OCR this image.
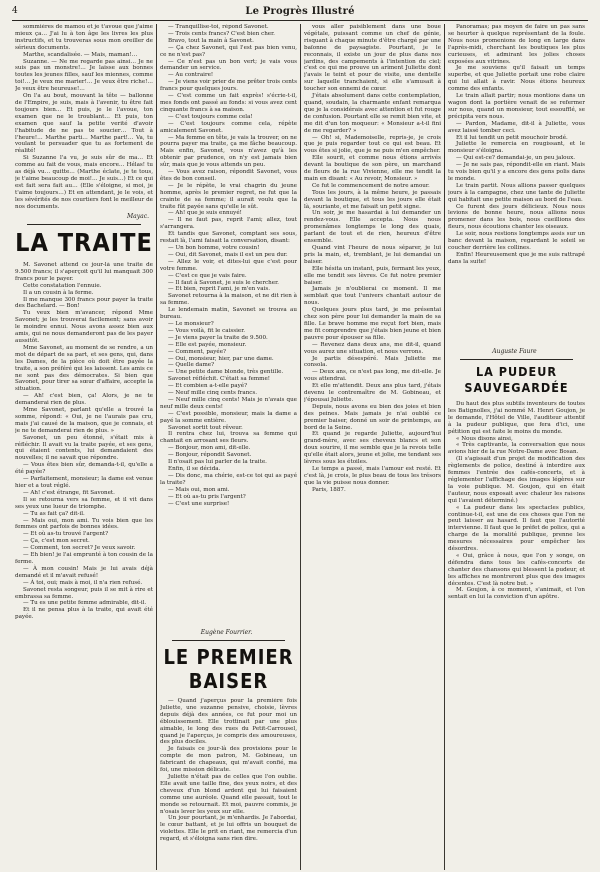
4	Le Progrès Illustré

sommières de mamou et je t'avoue que j'aime mieux ça… J'ai lu à ton âge les livres les plus instructifs, et tu trouveras sous mon oreiller de sérieux documents.

Marthe, scandalisée. — Mais, maman!…

Suzanne. — Ne me regarde pas ainsi… Je ne suis pas un monstre!… Je laisse aux bonnes toutes les jeunes filles, sauf les miennes, comme toi!… Je veux me marier!… Je veux être riche!… Je veux être heureuse!…

On l'a au bout, mouvant la tête — ballonne de l'Empire, je suis, mais à l'avenir, tu être fait toujours bien… Et puis, je le l'avoue, ton examen que ne le troublant… Et puis, ton examen que sauf la petite verité d'avoir l'habitude de ne pas te soucier… Tout à l'heure!… Marthe parti… Marthe part!… Va, tu voulant te persuader que tu as fortement de réalité!

Si Suzanne l'a vu, je suis sûr de ma… Et comme au fait de vous, mais encore… Hélas! tu as déjà vu… quitte… (Marthe éclate, je te tous, je t'aime beaucoup de moi!… Je suis…) Et ce qui est fait sera fait au… (Elle s'éloigne, si moi, je t'aime toujours…) Et en attendant, je le vois, et les sévérités de nos courtiers font le meilleur de nos documents.

Mayac.
LA TRAITE

M. Savonet attend ce jour-là une traite de 9.500 francs; il s'aperçoit qu'il lui manquait 300 francs pour le payer.

Cette constatation l'ennuie.

Il a un cousin à la ferme.

Il me manque 300 francs pour payer la traite des Bachelard. — Bon!

Tu veux bien m'avancer, répond Mme Savonet; je les trouverai facilement; sans avoir le moindre ennui. Nous avons assez bien aux amis, qui ne nous demanderont pas de les payer aussitôt.

Mme Savonet, au moment de se rendre, a un mot de départ de sa part, et ses gens, qui, dans les Dames, de la pièce où doit être payée la traite, a son préféré qui les laissent. Les amis ce ne sont pas des démocrates. Si bien que Savonet, pour tirer sa sœur d'affaire, accepte la situation.

— Ah! c'est bien, ça! Alors, je ne te demanderai rien de plus.

Mme Savonet, parlant qu'elle a trouvé la somme, répond: « Oui, je ne l'aurais pas cru, mais j'ai causé de la maison, que je connais, et je ne te demanderai rien de plus. »

Savonet, un peu étonné, s'était mis à réfléchir. Il avait vu la traite payée, et ses gens, qui étaient contents, lui demandaient des nouvelles; il ne savait que répondre.

— Vous êtes bien sûr, demanda-t-il, qu'elle a été payée?

— Parfaitement, monsieur; la dame est venue hier et a tout réglé.

— Ah! c'est étrange, fit Savonet.

Il se retourna vers sa femme, et il vit dans ses yeux une lueur de triomphe.

— Tu as fait ça? dit-il.

— Mais oui, mon ami. Tu vois bien que les femmes ont parfois de bonnes idées.

— Et où as-tu trouvé l'argent?

— Ça, c'est mon secret.

— Comment, ton secret? Je veux savoir.

— Eh bien! je l'ai emprunté à ton cousin de la ferme.

— À mon cousin! Mais je lui avais déjà demandé et il m'avait refusé!

— À toi, oui; mais à moi, il n'a rien refusé.

Savonet resta songeur, puis il se mit à rire et embrassa sa femme.

— Tu es une petite femme admirable, dit-il.

Et il ne pensa plus à la traite, qui avait été payée.

— Tranquillise-toi, répond Savonet.

— Trois cents francs? C'est bien cher.

Bravo, tout la main à Savonet.

— Ça chez Savonet, qui l'est pas bien venu, ce ne n'est pas?

— Ce n'est pas un bon vert; je vais vous demander un service.

— Au contraire!

— Je viens voir prier de me prêter trois cents francs pour quelques jours.

— C'est comme un fait exprès! s'écrie-t-il, mes fonds ont passé au fonds: si vous avez cent cinquante francs à sa maison.

— C'est toujours comme cela!

— C'est toujours comme cela, répète amicalement Savonet.

— Ma femme en tête, je vais la trouver, on ne pourra payer ma traite, ça me fâche beaucoup. Mais enfin, Savonet, vous n'avez qu'à les obtenir par prudence, on n'y est jamais bien sûr, mais que je vous attends un peu.

— Vous avez raison, répondit Savonet, vous êtes de bon conseil.

— Je le répète, le vrai chagrin du jeune homme, après le premier regret, ne fut que la crainte de sa femme; il aurait voulu que la traite fût payée sans qu'elle le sût.

— Ah! que je suis ennuyé!

— Il ne faut pas, reprit l'ami; allez, tout s'arrangera.

Et tandis que Savonet, comptant ses sous, restait là, l'ami faisait la conversation, disant:

— Un bon homme, votre cousin!

— Oui, dit Savonet, mais il est un peu dur.

— Allez le voir, et dites-lui que c'est pour votre femme.

— C'est ce que je vais faire.

— Il faut à Savonet, je suis le chercher.

— Et bien, reprit l'ami, je m'en vais.

Savonet retourna à la maison, et ne dit rien à sa femme.

Le lendemain matin, Savonet se trouva au bureau.

— Le monsieur?

— Vous voilà, fit le caissier.

— Je viens payer la traite de 9.500.

— Elle est payée, monsieur.

— Comment, payée?

— Oui, monsieur, hier, par une dame.

— Quelle dame?

— Une petite dame blonde, très gentille.

Savonet réfléchit. C'était sa femme!

— Et combien a-t-elle payé?

— Neuf mille cinq cents francs.

— Neuf mille cinq cents! Mais je n'avais que neuf mille deux cents!

— C'est possible, monsieur, mais la dame a payé la somme entière.

Savonet sortit tout rêveur.

Il rentra chez lui, trouva sa femme qui chantait en arrosant ses fleurs.

— Bonjour, mon ami, dit-elle.

— Bonjour, répondit Savonet.

Il n'osait pas lui parler de la traite.

Enfin, il se décida.

— Dis donc, ma chérie, est-ce toi qui as payé la traite?

— Mais oui, mon ami.

— Et où as-tu pris l'argent?

— C'est une surprise!

Eugène Fourrier.
LE PREMIER BAISER

— Quand j'aperçus pour la première fois Juliette, une suzanne pensive, choisie, lèvres depuis déjà des années, ce fut pour moi un éblouissement. Elle trottinait par une plus aimable, le long des rues du Petit-Carrousel, quand je l'aperçus, je compris des amoureuses, des plus dociles.

Je faisais ce jour-là des provisions pour le compte de mon patron, M. Gobineau, un fabricant de chapeaux, qui m'avait confié, ma foi, une mission délicate.

Juliette n'était pas de celles que l'on oublie. Elle avait une taille fine, des yeux noirs, et des cheveux d'un blond ardent qui lui faisaient comme une auréole. Quand elle passait, tout le monde se retournait. Et moi, pauvre commis, je n'osais lever les yeux sur elle.

Un jour pourtant, je m'enhardis. Je l'abordai, le cœur battant, et je lui offris un bouquet de violettes. Elle le prit en riant, me remercia d'un regard, et s'éloigna sans rien dire.

vous aller paisiblement dans une boue végétale, puissant comme un chef de génie, risquant à chaque minute d'être chargé par une baïonne de paysagiste. Pourtant, je le reconnais, il existe un jour de plus dans nos jardins, des campements à l'intention du ciel; c'est ce qui me prouve un ariment Juliette dont j'avais le teint et pour de visite, une dentelle sur laquelle tranchaient, si elle s'amusait à toucher son ennemi de cœur.

J'étais absolument dans cette contemplation, quand, soudain, la charmante enfant remarqua que je la considérais avec attention et fut rouge de confusion. Pourtant elle se remit bien vite, et me dit d'un ton moqueur: « Monsieur a-t-il fini de me regarder? »

— Oh! si, Mademoiselle, repris-je, je crois que je puis regarder tout ce qui est beau. Et vous êtes si jolie, que je ne puis m'en empêcher.

Elle sourit, et comme nous étions arrivés devant la boutique de son père, un marchand de fleurs de la rue Vivienne, elle me tendit la main en disant: « Au revoir, Monsieur. »

Ce fut le commencement de notre amour.

Tous les jours, à la même heure, je passais devant la boutique, et tous les jours elle était là, souriante, et me faisait un petit signe.

Un soir, je me hasardai à lui demander un rendez-vous. Elle accepta. Nous nous promenâmes longtemps le long des quais, parlant de tout et de rien, heureux d'être ensemble.

Quand vint l'heure de nous séparer, je lui pris la main, et, tremblant, je lui demandai un baiser.

Elle hésita un instant, puis, fermant les yeux, elle me tendit ses lèvres. Ce fut notre premier baiser.

Jamais je n'oublierai ce moment. Il me semblait que tout l'univers chantait autour de nous.

Quelques jours plus tard, je me présentai chez son père pour lui demander la main de sa fille. Le brave homme me reçut fort bien, mais me fit comprendre que j'étais bien jeune et bien pauvre pour épouser sa fille.

— Revenez dans deux ans, me dit-il, quand vous aurez une situation, et nous verrons.

Je partis désespéré. Mais Juliette me consola.

— Deux ans, ce n'est pas long, me dit-elle. Je vous attendrai.

Et elle m'attendit. Deux ans plus tard, j'étais devenu le contremaître de M. Gobineau, et j'épousai Juliette.

Depuis, nous avons eu bien des joies et bien des peines. Mais jamais je n'ai oublié ce premier baiser, donné un soir de printemps, au bord de la Seine.

Et quand je regarde Juliette, aujourd'hui grand-mère, avec ses cheveux blancs et son doux sourire, il me semble que je la revois telle qu'elle était alors, jeune et jolie, me tendant ses lèvres sous les étoiles.

Le temps a passé, mais l'amour est resté. Et c'est là, je crois, le plus beau de tous les trésors que la vie puisse nous donner.

Paris, 1887.

Panoramas; pas moyen de faire un pas sans se heurter à quelque représentant de la foule. Nous nous promenions de long en large dans l'après-midi, cherchant les boutiques les plus curieuses, et admirant les jolies choses exposées aux vitrines.

Je me souviens qu'il faisait un temps superbe, et que Juliette portait une robe claire qui lui allait à ravir. Nous étions heureux comme des enfants.

Le train allait partir; nous montions dans un wagon dont la portière venait de se refermer sur nous, quand un monsieur, tout essoufflé, se précipita vers nous.

— Pardon, Madame, dit-il à Juliette, vous avez laissé tomber ceci.

Et il lui tendit un petit mouchoir brodé.

Juliette le remercia en rougissant, et le monsieur s'éloigna.

— Qui est-ce? demandai-je, un peu jaloux.

— Je ne sais pas, répondit-elle en riant. Mais tu vois bien qu'il y a encore des gens polis dans le monde.

Le train partit. Nous allions passer quelques jours à la campagne, chez une tante de Juliette qui habitait une petite maison au bord de l'eau.

Ce furent des jours délicieux. Nous nous levions de bonne heure, nous allions nous promener dans les bois, nous cueillions des fleurs, nous écoutions chanter les oiseaux.

Le soir, nous restions longtemps assis sur un banc devant la maison, regardant le soleil se coucher derrière les collines.

Enfin! Heureusement que je me suis rattrapé dans la suite!

Auguste Faure
LA PUDEUR SAUVEGARDÉE

Du haut des plus subtils inventeurs de toutes les Batignolles, j'ai nommé M. Henri Goujon, je le demande, l'Hôtel de Ville, l'auditeur attentif à la pudeur publique, que fera d'ici, une pétition qui est faite le moins du monde.

« Nous disons ainsi,

« Très captivante, la conversation que nous avions hier de la rue Notre-Dame avec Bosan.

(Il s'agissait d'un projet de modification des règlements de police, destiné à interdire aux femmes l'entrée des cafés-concerts, et à réglementer l'affichage des images légères sur la voie publique. M. Goujon, qui en était l'auteur, nous exposait avec chaleur les raisons qui l'avaient déterminé.)

« La pudeur dans les spectacles publics, continue-t-il, est une de ces choses que l'on ne peut laisser au hasard. Il faut que l'autorité intervienne. Il faut que le préfet de police, qui a charge de la moralité publique, prenne les mesures nécessaires pour empêcher les désordres.

« Oui, grâce à nous, que l'on y songe, on défendra dans tous les cafés-concerts de chanter des chansons qui blessent la pudeur, et les affiches ne montreront plus que des images décentes. C'est là notre but. »

M. Goujon, à ce moment, s'animait, et l'on sentait en lui la conviction d'un apôtre.
